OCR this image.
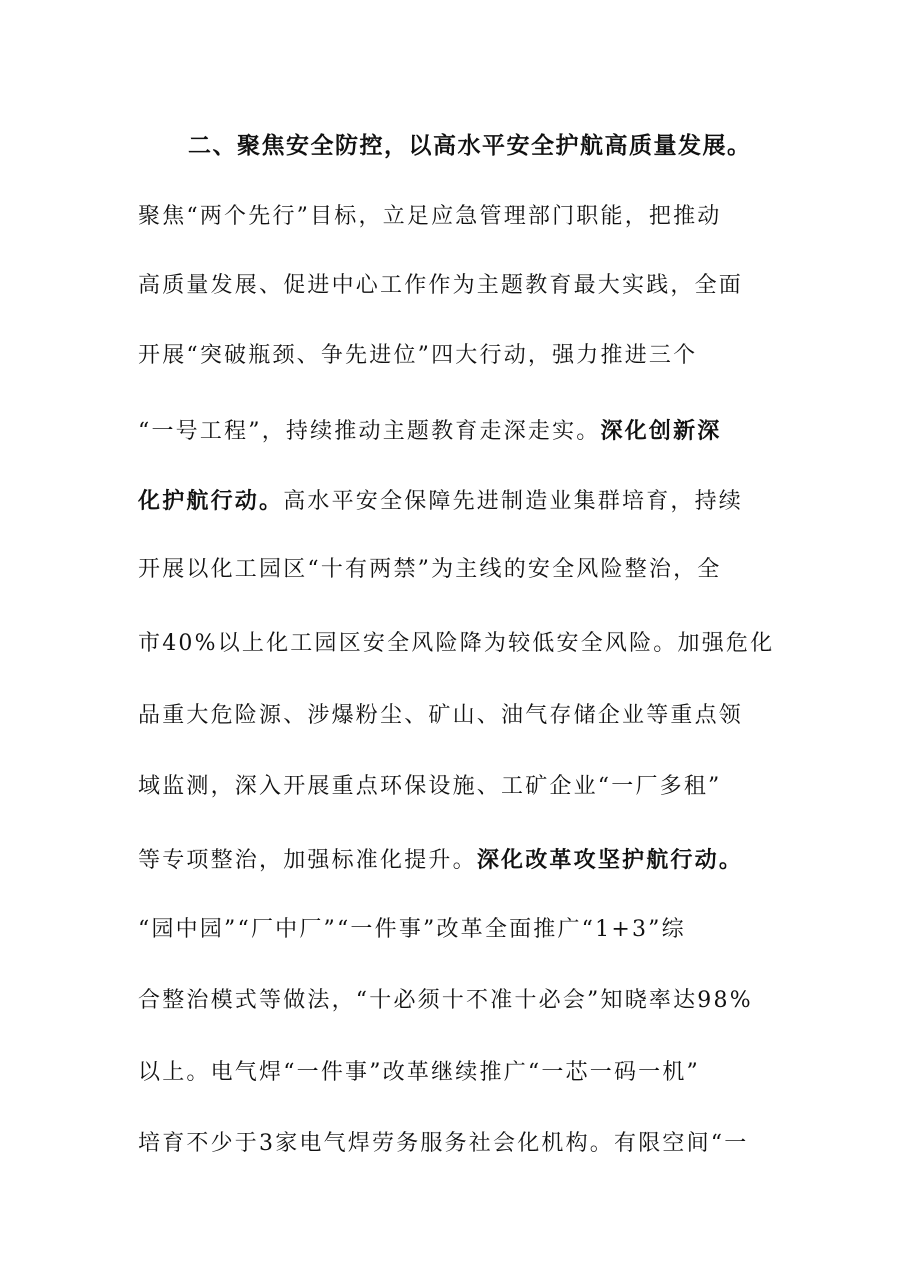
二、聚焦安全防控，以高水平安全护航高质量发展。
聚焦“两个先行”目标，立足应急管理部门职能，把推动
高质量发展、促进中心工作作为主题教育最大实践，全面
开展“突破瓶颈、争先进位”四大行动，强力推进三个
“一号工程”，持续推动主题教育走深走实。深化创新深
化护航行动。高水平安全保障先进制造业集群培育，持续
开展以化工园区“十有两禁”为主线的安全风险整治，全
市40%以上化工园区安全风险降为较低安全风险。加强危化
品重大危险源、涉爆粉尘、矿山、油气存储企业等重点领
域监测，深入开展重点环保设施、工矿企业“一厂多租”
等专项整治，加强标准化提升。深化改革攻坚护航行动。
“园中园”“厂中厂”“一件事”改革全面推广“1+3”综
合整治模式等做法，“十必须十不准十必会”知晓率达98%
以上。电气焊“一件事”改革继续推广“一芯一码一机”
培育不少于3家电气焊劳务服务社会化机构。有限空间“一
